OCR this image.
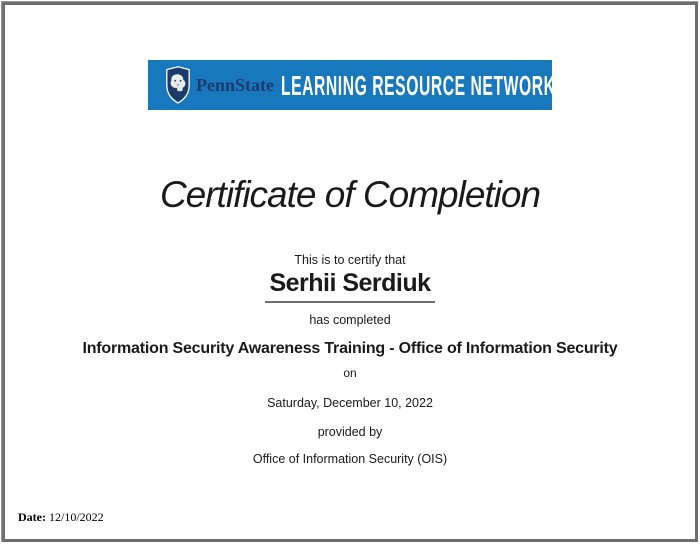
PennState LEARNING RESOURCE NETWORK
Certificate of Completion

This is to certify that

Serhii Serdiuk

has completed

Information Security Awareness Training - Office of Information Security

on

Saturday, December 10, 2022

provided by

Office of Information Security (OIS)

Date: 12/10/2022
